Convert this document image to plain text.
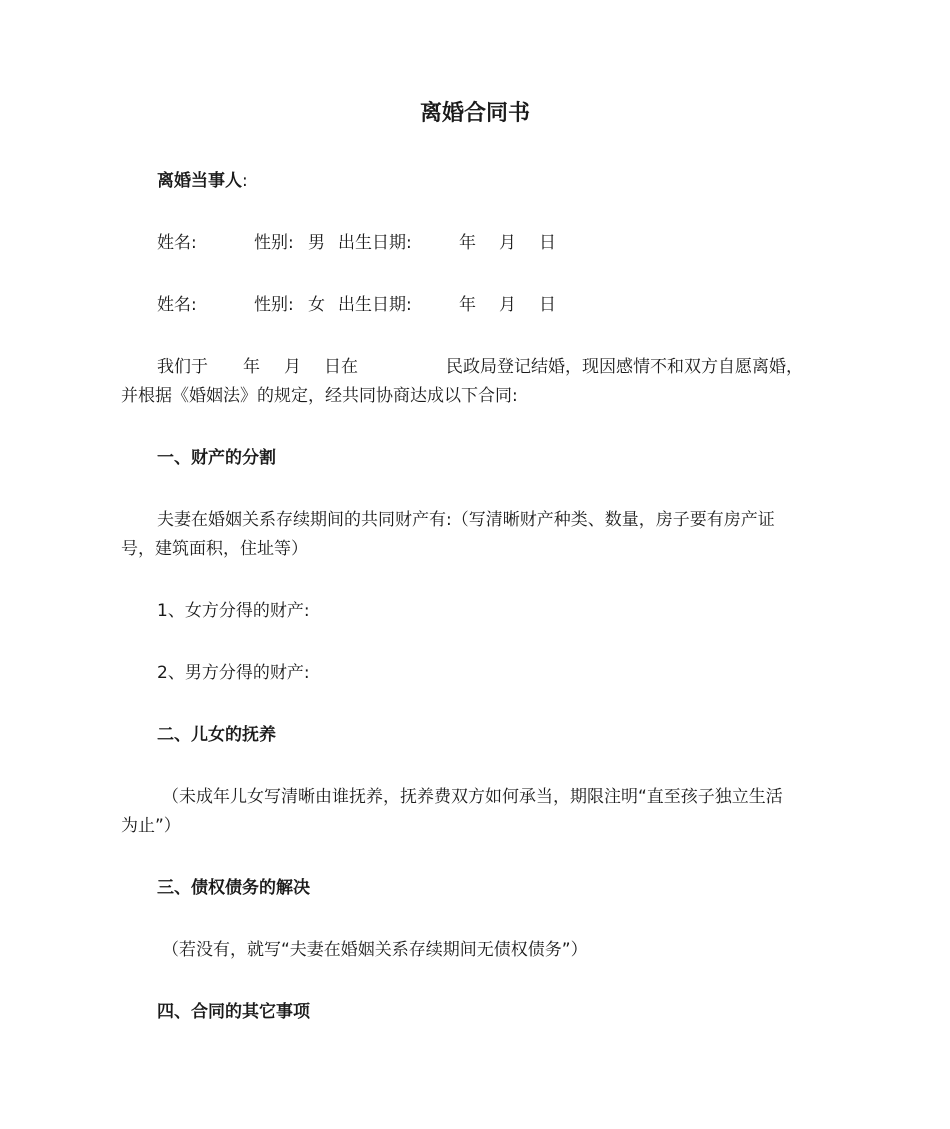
离婚合同书
离婚当事人:
姓名:	性别: 男 出生日期:	年 月 日
姓名:	性别: 女 出生日期:	年 月 日
我们于 年 月 日在	民政局登记结婚，现因感情不和双方自愿离婚，
并根据《婚姻法》的规定，经共同协商达成以下合同:
一、财产的分割
夫妻在婚姻关系存续期间的共同财产有:（写清晰财产种类、数量，房子要有房产证
号，建筑面积，住址等）
1、女方分得的财产:
2、男方分得的财产:
二、儿女的抚养
（未成年儿女写清晰由谁抚养，抚养费双方如何承当，期限注明“直至孩子独立生活
为止”）
三、债权债务的解决
（若没有，就写“夫妻在婚姻关系存续期间无债权债务”）
四、合同的其它事项
